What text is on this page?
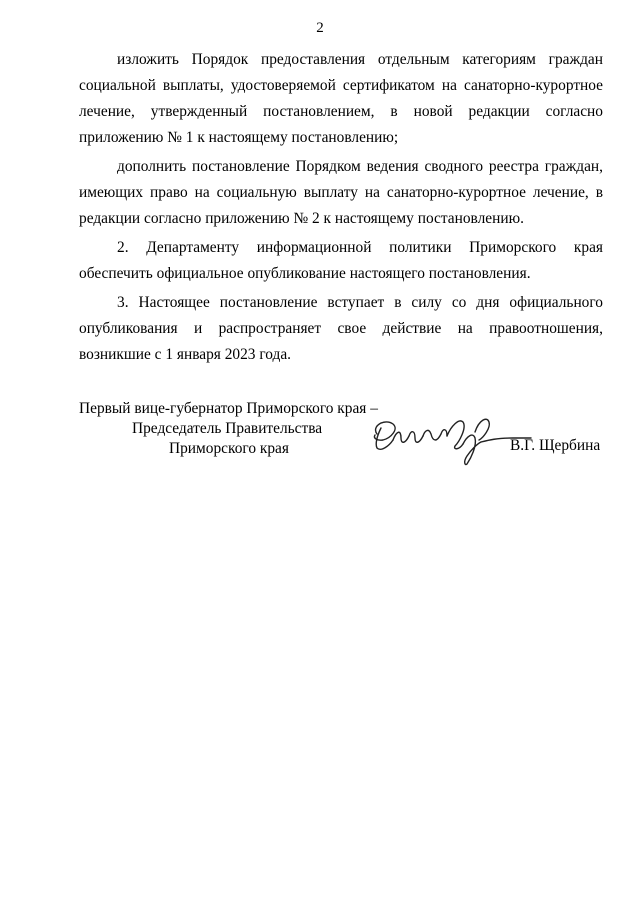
2

изложить Порядок предоставления отдельным категориям граждан социальной выплаты, удостоверяемой сертификатом на санаторно-курортное лечение, утвержденный постановлением, в новой редакции согласно приложению № 1 к настоящему постановлению;

дополнить постановление Порядком ведения сводного реестра граждан, имеющих право на социальную выплату на санаторно-курортное лечение, в редакции согласно приложению № 2 к настоящему постановлению.

2. Департаменту информационной политики Приморского края обеспечить официальное опубликование настоящего постановления.

3. Настоящее постановление вступает в силу со дня официального опубликования и распространяет свое действие на правоотношения, возникшие с 1 января 2023 года.

Первый вице-губернатор Приморского края –
Председатель Правительства
Приморского края	В.Г. Щербина
